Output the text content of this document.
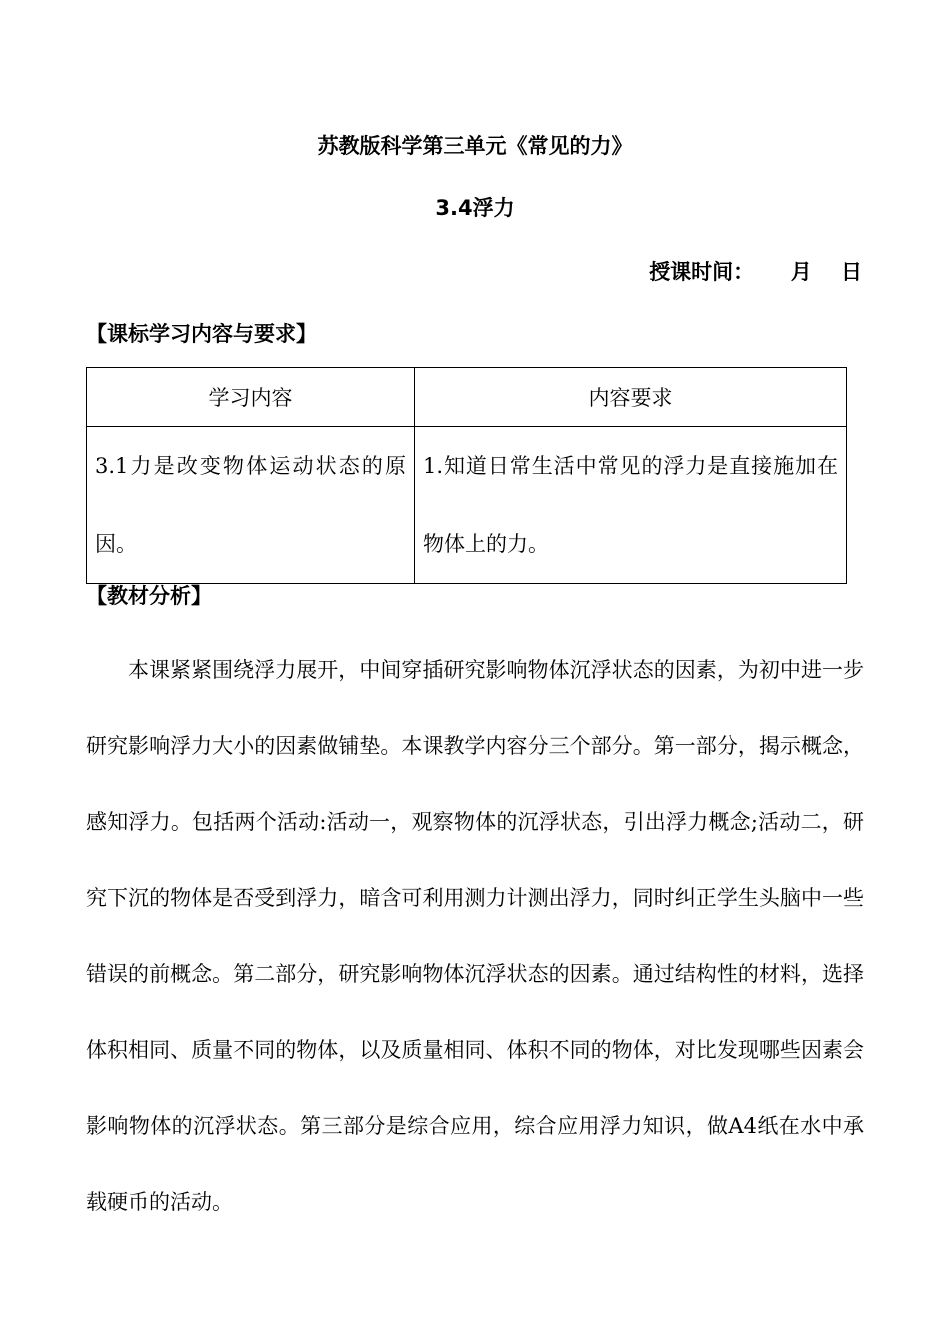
苏教版科学第三单元《常见的力》
3.4浮力
授课时间：     月    日
【课标学习内容与要求】
学习内容	内容要求
3.1力是改变物体运动状态的原因。	1.知道日常生活中常见的浮力是直接施加在物体上的力。
【教材分析】

本课紧紧围绕浮力展开，中间穿插研究影响物体沉浮状态的因素，为初中进一步研究影响浮力大小的因素做铺垫。本课教学内容分三个部分。第一部分，揭示概念，感知浮力。包括两个活动:活动一，观察物体的沉浮状态，引出浮力概念;活动二，研究下沉的物体是否受到浮力，暗含可利用测力计测出浮力，同时纠正学生头脑中一些错误的前概念。第二部分，研究影响物体沉浮状态的因素。通过结构性的材料，选择体积相同、质量不同的物体，以及质量相同、体积不同的物体，对比发现哪些因素会影响物体的沉浮状态。第三部分是综合应用，综合应用浮力知识，做A4纸在水中承载硬币的活动。
